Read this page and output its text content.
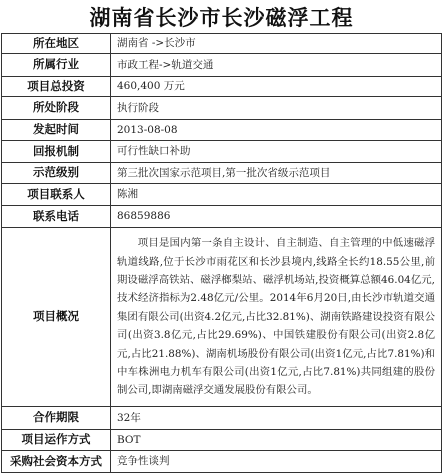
湖南省长沙市长沙磁浮工程
所在地区	湖南省 ->长沙市
所属行业	市政工程->轨道交通
项目总投资	460,400 万元
所处阶段	执行阶段
发起时间	2013-08-08
回报机制	可行性缺口补助
示范级别	第三批次国家示范项目,第一批次省级示范项目
项目联系人	陈湘
联系电话	86859886
项目概况	项目是国内第一条自主设计、自主制造、自主管理的中低速磁浮轨道线路,位于长沙市雨花区和长沙县境内,线路全长约18.55公里,前期设磁浮高铁站、磁浮榔梨站、磁浮机场站,投资概算总额46.04亿元,技术经济指标为2.48亿元/公里。2014年6月20日,由长沙市轨道交通集团有限公司(出资4.2亿元,占比32.81%)、湖南铁路建设投资有限公司(出资3.8亿元,占比29.69%)、中国铁建股份有限公司(出资2.8亿元,占比21.88%)、湖南机场股份有限公司(出资1亿元,占比7.81%)和中车株洲电力机车有限公司(出资1亿元,占比7.81%)共同组建的股份制公司,即湖南磁浮交通发展股份有限公司。
合作期限	32年
项目运作方式	BOT
采购社会资本方式	竞争性谈判
